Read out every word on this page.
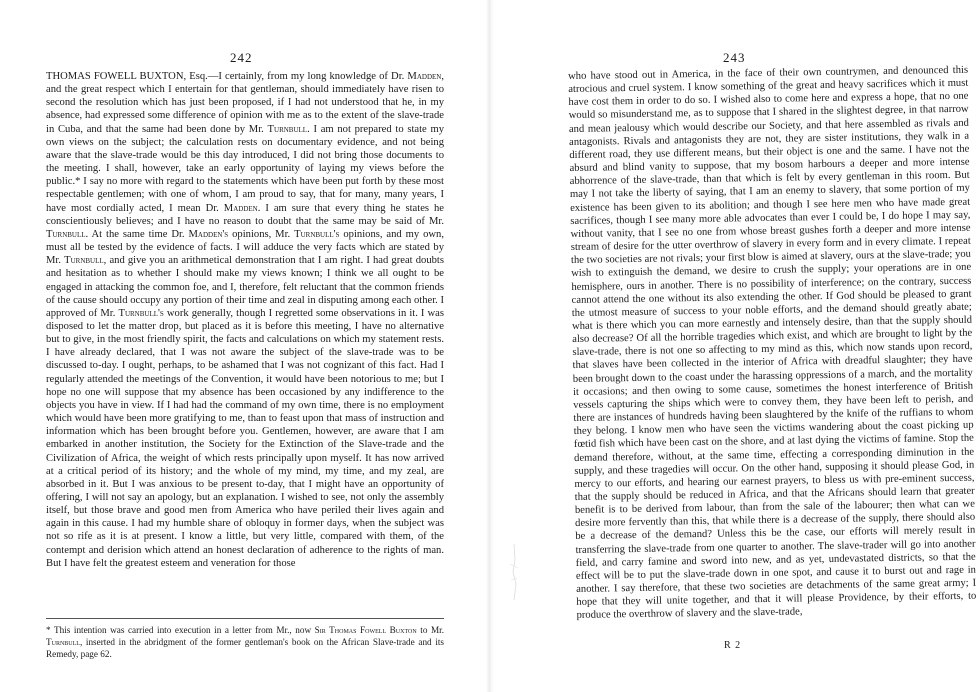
242
THOMAS FOWELL BUXTON, Esq.—I certainly, from my long knowledge of Dr. Madden, and the great respect which I entertain for that gentleman, should immediately have risen to second the resolution which has just been proposed, if I had not understood that he, in my absence, had expressed some difference of opinion with me as to the extent of the slave-trade in Cuba, and that the same had been done by Mr. Turnbull. I am not prepared to state my own views on the subject; the calculation rests on documentary evidence, and not being aware that the slave-trade would be this day introduced, I did not bring those documents to the meeting. I shall, however, take an early opportunity of laying my views before the public.* I say no more with regard to the statements which have been put forth by these most respectable gentlemen; with one of whom, I am proud to say, that for many, many years, I have most cordially acted, I mean Dr. Madden. I am sure that every thing he states he conscientiously believes; and I have no reason to doubt that the same may be said of Mr. Turnbull. At the same time Dr. Madden's opinions, Mr. Turnbull's opinions, and my own, must all be tested by the evidence of facts. I will adduce the very facts which are stated by Mr. Turnbull, and give you an arithmetical demonstration that I am right. I had great doubts and hesitation as to whether I should make my views known; I think we all ought to be engaged in attacking the common foe, and I, therefore, felt reluctant that the common friends of the cause should occupy any portion of their time and zeal in disputing among each other. I approved of Mr. Turnbull's work generally, though I regretted some observations in it. I was disposed to let the matter drop, but placed as it is before this meeting, I have no alternative but to give, in the most friendly spirit, the facts and calculations on which my statement rests. I have already declared, that I was not aware the subject of the slave-trade was to be discussed to-day. I ought, perhaps, to be ashamed that I was not cognizant of this fact. Had I regularly attended the meetings of the Convention, it would have been notorious to me; but I hope no one will suppose that my absence has been occasioned by any indifference to the objects you have in view. If I had had the command of my own time, there is no employment which would have been more gratifying to me, than to feast upon that mass of instruction and information which has been brought before you. Gentlemen, however, are aware that I am embarked in another institution, the Society for the Extinction of the Slave-trade and the Civilization of Africa, the weight of which rests principally upon myself. It has now arrived at a critical period of its history; and the whole of my mind, my time, and my zeal, are absorbed in it. But I was anxious to be present to-day, that I might have an opportunity of offering, I will not say an apology, but an explanation. I wished to see, not only the assembly itself, but those brave and good men from America who have periled their lives again and again in this cause. I had my humble share of obloquy in former days, when the subject was not so rife as it is at present. I know a little, but very little, compared with them, of the contempt and derision which attend an honest declaration of adherence to the rights of man. But I have felt the greatest esteem and veneration for those
* This intention was carried into execution in a letter from Mr., now Sir Thomas Fowell Buxton to Mr. Turnbull, inserted in the abridgment of the former gentleman's book on the African Slave-trade and its Remedy, page 62.
243
who have stood out in America, in the face of their own countrymen, and denounced this atrocious and cruel system. I know something of the great and heavy sacrifices which it must have cost them in order to do so. I wished also to come here and express a hope, that no one would so misunderstand me, as to suppose that I shared in the slightest degree, in that narrow and mean jealousy which would describe our Society, and that here assembled as rivals and antagonists. Rivals and antagonists they are not, they are sister institutions, they walk in a different road, they use different means, but their object is one and the same. I have not the absurd and blind vanity to suppose, that my bosom harbours a deeper and more intense abhorrence of the slave-trade, than that which is felt by every gentleman in this room. But may I not take the liberty of saying, that I am an enemy to slavery, that some portion of my existence has been given to its abolition; and though I see here men who have made great sacrifices, though I see many more able advocates than ever I could be, I do hope I may say, without vanity, that I see no one from whose breast gushes forth a deeper and more intense stream of desire for the utter overthrow of slavery in every form and in every climate. I repeat the two societies are not rivals; your first blow is aimed at slavery, ours at the slave-trade; you wish to extinguish the demand, we desire to crush the supply; your operations are in one hemisphere, ours in another. There is no possibility of interference; on the contrary, success cannot attend the one without its also extending the other. If God should be pleased to grant the utmost measure of success to your noble efforts, and the demand should greatly abate; what is there which you can more earnestly and intensely desire, than that the supply should also decrease? Of all the horrible tragedies which exist, and which are brought to light by the slave-trade, there is not one so affecting to my mind as this, which now stands upon record, that slaves have been collected in the interior of Africa with dreadful slaughter; they have been brought down to the coast under the harassing oppressions of a march, and the mortality it occasions; and then owing to some cause, sometimes the honest interference of British vessels capturing the ships which were to convey them, they have been left to perish, and there are instances of hundreds having been slaughtered by the knife of the ruffians to whom they belong. I know men who have seen the victims wandering about the coast picking up fœtid fish which have been cast on the shore, and at last dying the victims of famine. Stop the demand therefore, without, at the same time, effecting a corresponding diminution in the supply, and these tragedies will occur. On the other hand, supposing it should please God, in mercy to our efforts, and hearing our earnest prayers, to bless us with pre-eminent success, that the supply should be reduced in Africa, and that the Africans should learn that greater benefit is to be derived from labour, than from the sale of the labourer; then what can we desire more fervently than this, that while there is a decrease of the supply, there should also be a decrease of the demand? Unless this be the case, our efforts will merely result in transferring the slave-trade from one quarter to another. The slave-trader will go into another field, and carry famine and sword into new, and as yet, undevastated districts, so that the effect will be to put the slave-trade down in one spot, and cause it to burst out and rage in another. I say therefore, that these two societies are detachments of the same great army; I hope that they will unite together, and that it will please Providence, by their efforts, to produce the overthrow of slavery and the slave-trade,
R 2
